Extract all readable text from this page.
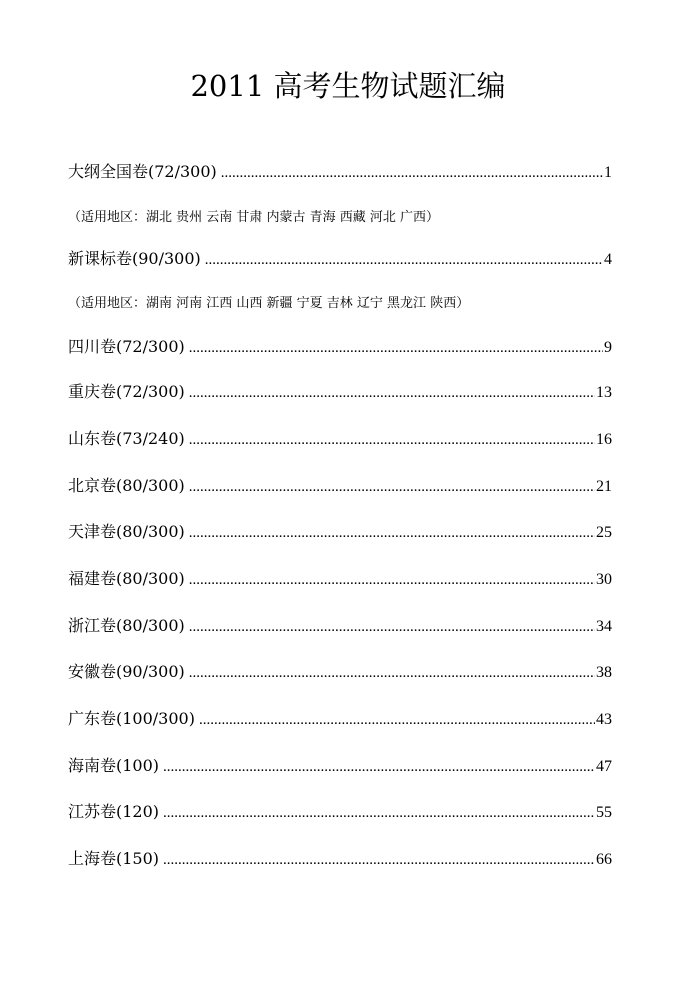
2011 高考生物试题汇编
大纲全国卷(72/300) .....	1
（适用地区：湖北 贵州 云南 甘肃 内蒙古 青海 西藏 河北 广西）
新课标卷(90/300) .....	4
（适用地区：湖南 河南 江西 山西 新疆 宁夏 吉林 辽宁 黑龙江 陕西）
四川卷(72/300) .....	9
重庆卷(72/300) .....	13
山东卷(73/240) .....	16
北京卷(80/300) .....	21
天津卷(80/300) .....	25
福建卷(80/300) .....	30
浙江卷(80/300) .....	34
安徽卷(90/300) .....	38
广东卷(100/300) .....	43
海南卷(100) .....	47
江苏卷(120) .....	55
上海卷(150) .....	66
